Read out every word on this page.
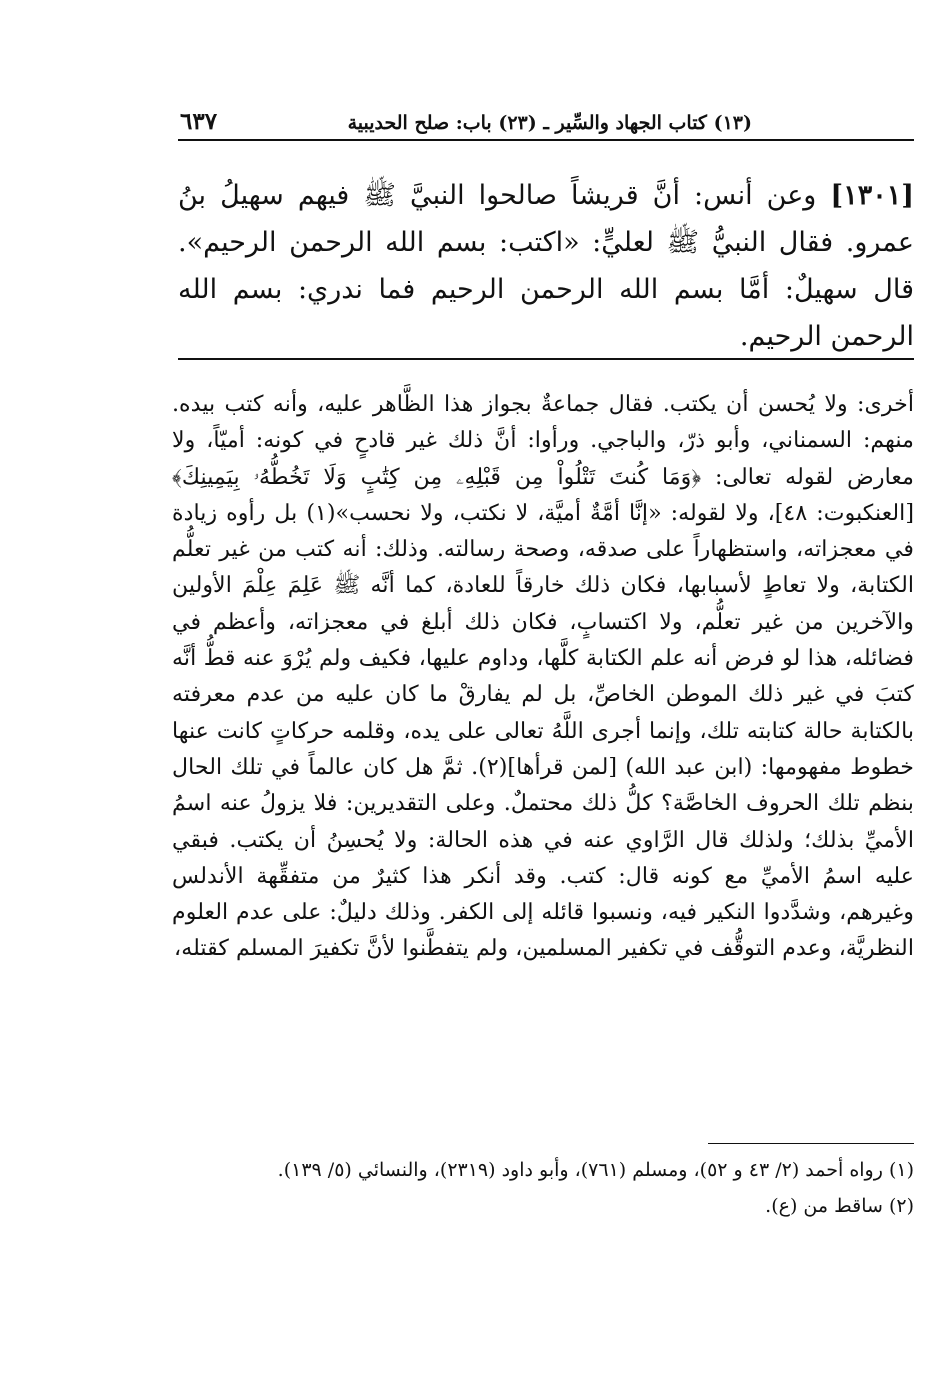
(١٣) كتاب الجهاد والسِّير ـ (٢٣) باب: صلح الحديبية
٦٣٧

[١٣٠١] وعن أنس: أنَّ قريشاً صالحوا النبيَّ ﷺ فيهم سهيلُ بنُ عمرو. فقال النبيُّ ﷺ لعليٍّ: «اكتب: بسم الله الرحمن الرحيم». قال سهيلٌ: أمَّا بسم الله الرحمن الرحيم فما ندري: بسم الله الرحمن الرحيم.

أخرى: ولا يُحسن أن يكتب. فقال جماعةٌ بجواز هذا الظَّاهر عليه، وأنه كتب بيده. منهم: السمناني، وأبو ذرّ، والباجي. ورأوا: أنَّ ذلك غير قادحٍ في كونه: أميّاً، ولا معارض لقوله تعالى: ﴿وَمَا كُنتَ تَتْلُواْ مِن قَبْلِهِۦ مِن كِتَٰبٍ وَلَا تَخُطُّهُۥ بِيَمِينِكَ﴾ [العنكبوت: ٤٨]، ولا لقوله: «إنَّا أمَّةٌ أميَّة، لا نكتب، ولا نحسب»(١) بل رأوه زيادة في معجزاته، واستظهاراً على صدقه، وصحة رسالته. وذلك: أنه كتب من غير تعلُّم الكتابة، ولا تعاطٍ لأسبابها، فكان ذلك خارقاً للعادة، كما أنَّه ﷺ عَلِمَ عِلْمَ الأولين والآخرين من غير تعلُّم، ولا اكتسابٍ، فكان ذلك أبلغ في معجزاته، وأعظم في فضائله، هذا لو فرض أنه علم الكتابة كلَّها، وداوم عليها، فكيف ولم يُرْوَ عنه قطُّ أنَّه كتبَ في غير ذلك الموطن الخاصِّ، بل لم يفارقْ ما كان عليه من عدم معرفته بالكتابة حالة كتابته تلك، وإنما أجرى اللَّهُ تعالى على يده، وقلمه حركاتٍ كانت عنها خطوط مفهومها: (ابن عبد الله) [لمن قرأها](٢). ثمَّ هل كان عالماً في تلك الحال بنظم تلك الحروف الخاصَّة؟ كلُّ ذلك محتملٌ. وعلى التقديرين: فلا يزولُ عنه اسمُ الأميِّ بذلك؛ ولذلك قال الرَّاوي عنه في هذه الحالة: ولا يُحسِنُ أن يكتب. فبقي عليه اسمُ الأميِّ مع كونه قال: كتب. وقد أنكر هذا كثيرٌ من متفقِّهة الأندلس وغيرهم، وشدَّدوا النكير فيه، ونسبوا قائله إلى الكفر. وذلك دليلٌ: على عدم العلوم النظريَّة، وعدم التوقُّف في تكفير المسلمين، ولم يتفطَّنوا لأنَّ تكفيرَ المسلم كقتله،

(١) رواه أحمد (٢/ ٤٣ و ٥٢)، ومسلم (٧٦١)، وأبو داود (٢٣١٩)، والنسائي (٥/ ١٣٩).

(٢) ساقط من (ع).
